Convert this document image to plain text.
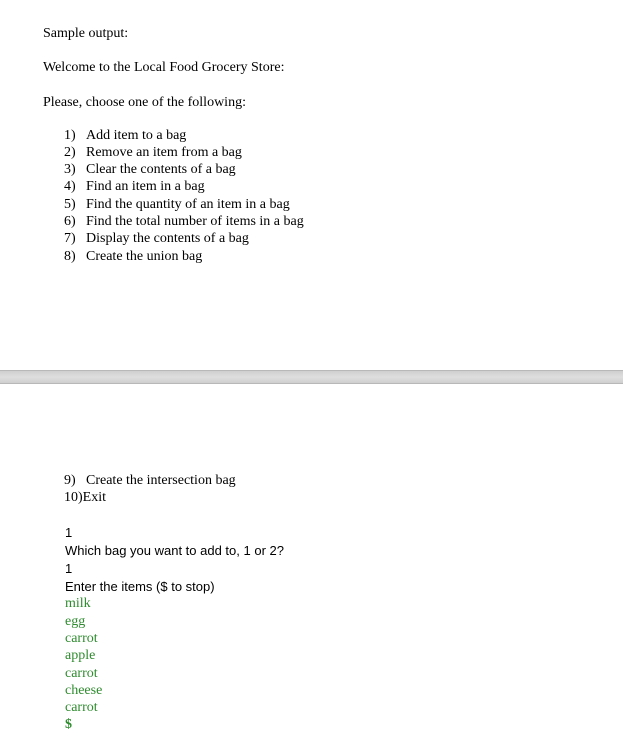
Sample output:
Welcome to the Local Food Grocery Store:
Please, choose one of the following:
1) Add item to a bag
2) Remove an item from a bag
3) Clear the contents of a bag
4) Find an item in a bag
5) Find the quantity of an item in a bag
6) Find the total number of items in a bag
7) Display the contents of a bag
8) Create the union bag
9) Create the intersection bag
10)Exit
1
Which bag you want to add to, 1 or 2?
1
Enter the items ($ to stop)
milk
egg
carrot
apple
carrot
cheese
carrot
$
